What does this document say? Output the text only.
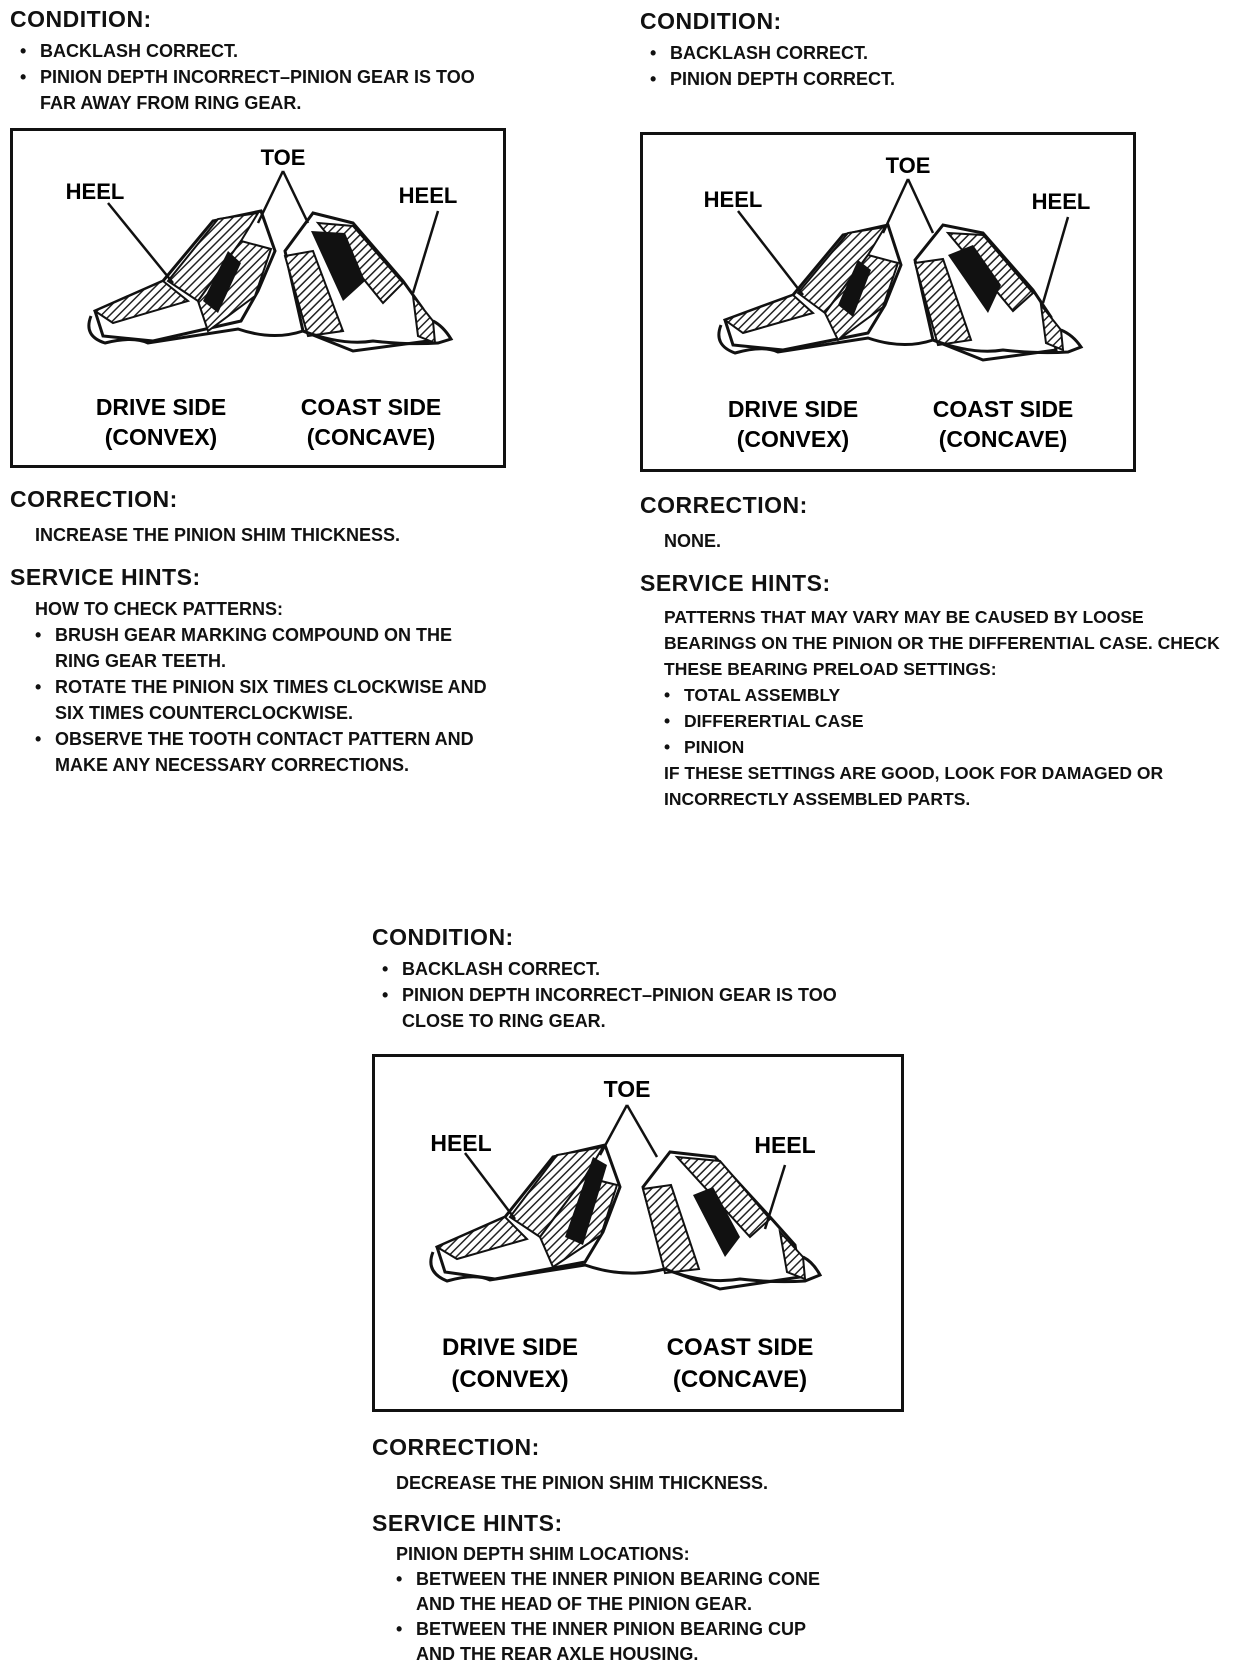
CONDITION:
• BACKLASH CORRECT.
• PINION DEPTH INCORRECT–PINION GEAR IS TOO FAR AWAY FROM RING GEAR.
TOE
HEEL	HEEL
DRIVE SIDE
(CONVEX)
COAST SIDE
(CONCAVE)
CORRECTION:
INCREASE THE PINION SHIM THICKNESS.
SERVICE HINTS:
HOW TO CHECK PATTERNS:
• BRUSH GEAR MARKING COMPOUND ON THE RING GEAR TEETH.
• ROTATE THE PINION SIX TIMES CLOCKWISE AND SIX TIMES COUNTERCLOCKWISE.
• OBSERVE THE TOOTH CONTACT PATTERN AND MAKE ANY NECESSARY CORRECTIONS.
CONDITION:
• BACKLASH CORRECT.
• PINION DEPTH CORRECT.
TOE
HEEL	HEEL
DRIVE SIDE
(CONVEX)
COAST SIDE
(CONCAVE)
CORRECTION:
NONE.
SERVICE HINTS:
PATTERNS THAT MAY VARY MAY BE CAUSED BY LOOSE BEARINGS ON THE PINION OR THE DIFFERENTIAL CASE. CHECK THESE BEARING PRELOAD SETTINGS:
• TOTAL ASSEMBLY
• DIFFERERTIAL CASE
• PINION
IF THESE SETTINGS ARE GOOD, LOOK FOR DAMAGED OR INCORRECTLY ASSEMBLED PARTS.
CONDITION:
• BACKLASH CORRECT.
• PINION DEPTH INCORRECT–PINION GEAR IS TOO CLOSE TO RING GEAR.
TOE
HEEL	HEEL
DRIVE SIDE
(CONVEX)
COAST SIDE
(CONCAVE)
CORRECTION:
DECREASE THE PINION SHIM THICKNESS.
SERVICE HINTS:
PINION DEPTH SHIM LOCATIONS:
• BETWEEN THE INNER PINION BEARING CONE AND THE HEAD OF THE PINION GEAR.
• BETWEEN THE INNER PINION BEARING CUP AND THE REAR AXLE HOUSING.
